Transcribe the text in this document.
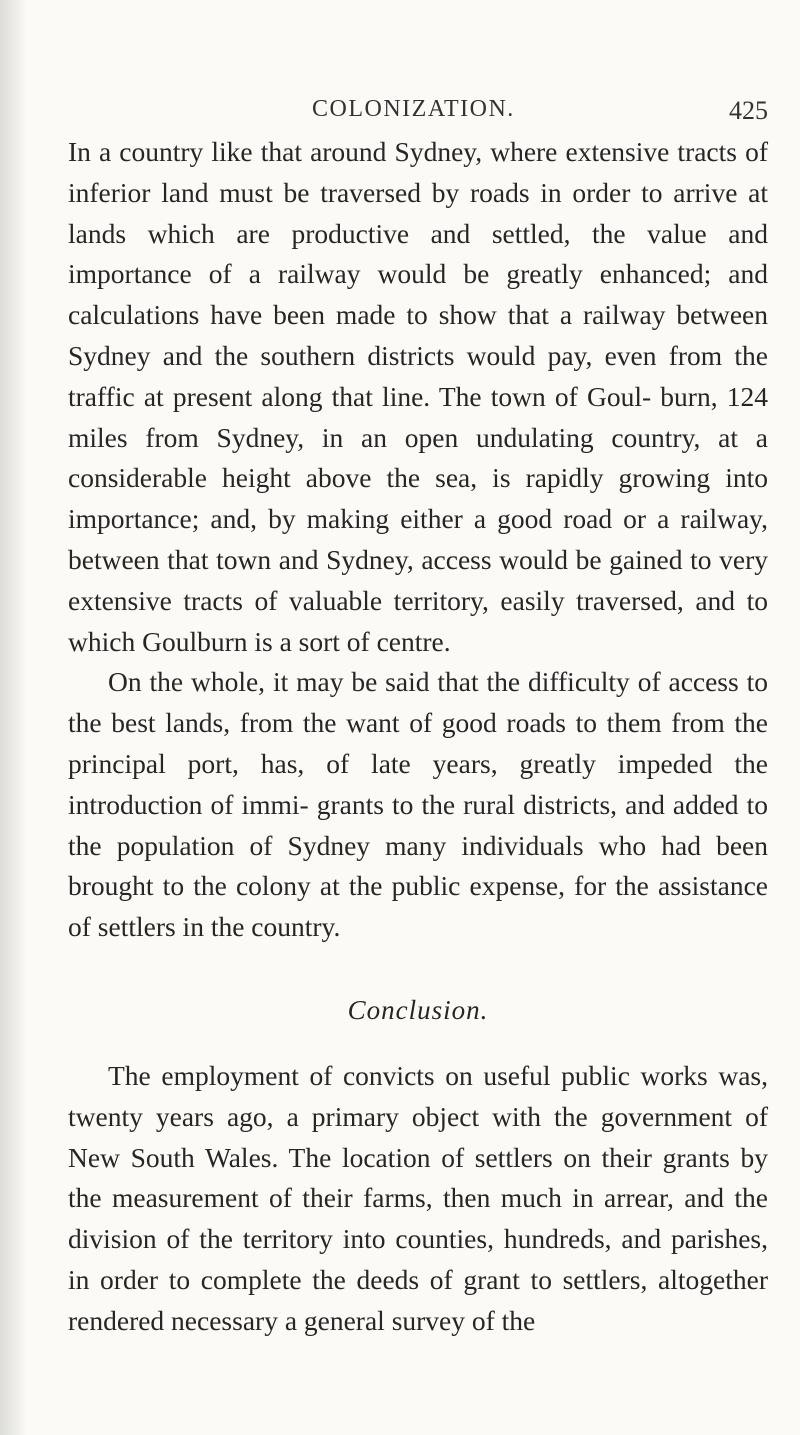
COLONIZATION.	425

In a country like that around Sydney, where extensive tracts of inferior land must be traversed by roads in order to arrive at lands which are productive and settled, the value and importance of a railway would be greatly enhanced; and calculations have been made to show that a railway between Sydney and the southern districts would pay, even from the traffic at present along that line. The town of Goul- burn, 124 miles from Sydney, in an open undulating country, at a considerable height above the sea, is rapidly growing into importance; and, by making either a good road or a railway, between that town and Sydney, access would be gained to very extensive tracts of valuable territory, easily traversed, and to which Goulburn is a sort of centre.

On the whole, it may be said that the difficulty of access to the best lands, from the want of good roads to them from the principal port, has, of late years, greatly impeded the introduction of immi- grants to the rural districts, and added to the population of Sydney many individuals who had been brought to the colony at the public expense, for the assistance of settlers in the country.

Conclusion.

The employment of convicts on useful public works was, twenty years ago, a primary object with the government of New South Wales. The location of settlers on their grants by the measurement of their farms, then much in arrear, and the division of the territory into counties, hundreds, and parishes, in order to complete the deeds of grant to settlers, altogether rendered necessary a general survey of the
